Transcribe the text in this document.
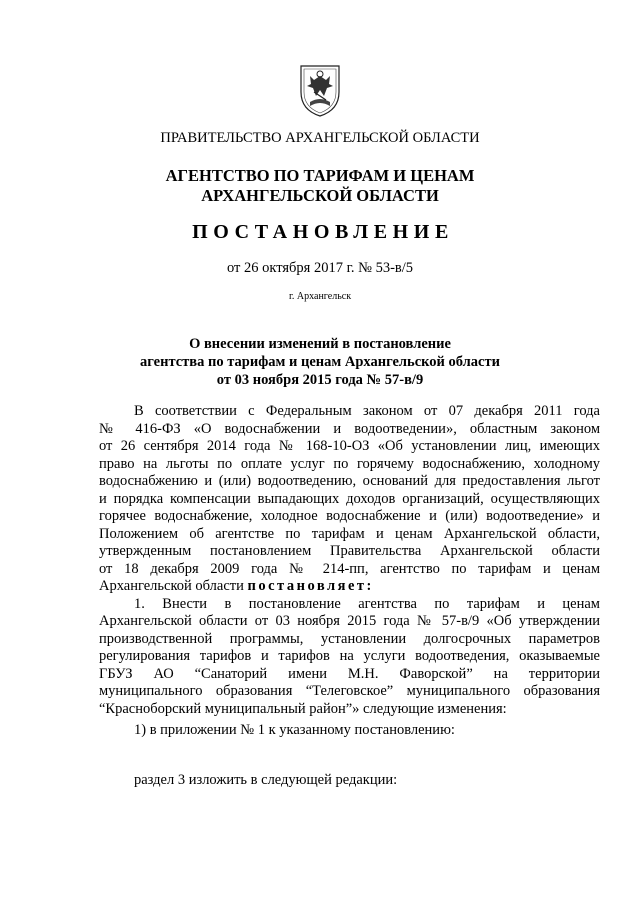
ПРАВИТЕЛЬСТВО АРХАНГЕЛЬСКОЙ ОБЛАСТИ
АГЕНТСТВО ПО ТАРИФАМ И ЦЕНАМ
АРХАНГЕЛЬСКОЙ ОБЛАСТИ
ПОСТАНОВЛЕНИЕ
от 26 октября 2017 г. № 53-в/5
г. Архангельск
О внесении изменений в постановление
агентства по тарифам и ценам Архангельской области
от 03 ноября 2015 года № 57-в/9
В соответствии с Федеральным законом от 07 декабря 2011 года
№ 416-ФЗ «О водоснабжении и водоотведении», областным законом
от 26 сентября 2014 года № 168-10-ОЗ «Об установлении лиц, имеющих
право на льготы по оплате услуг по горячему водоснабжению, холодному
водоснабжению и (или) водоотведению, оснований для предоставления льгот
и порядка компенсации выпадающих доходов организаций, осуществляющих
горячее водоснабжение, холодное водоснабжение и (или) водоотведение» и
Положением об агентстве по тарифам и ценам Архангельской области,
утвержденным постановлением Правительства Архангельской области
от 18 декабря 2009 года № 214-пп, агентство по тарифам и ценам
Архангельской области постановляет:
1. Внести в постановление агентства по тарифам и ценам
Архангельской области от 03 ноября 2015 года № 57-в/9 «Об утверждении
производственной программы, установлении долгосрочных параметров
регулирования тарифов и тарифов на услуги водоотведения, оказываемые
ГБУЗ АО “Санаторий имени М.Н. Фаворской” на территории
муниципального образования “Телеговское” муниципального образования
“Красноборский муниципальный район”» следующие изменения:
1) в приложении № 1 к указанному постановлению:
раздел 3 изложить в следующей редакции:
